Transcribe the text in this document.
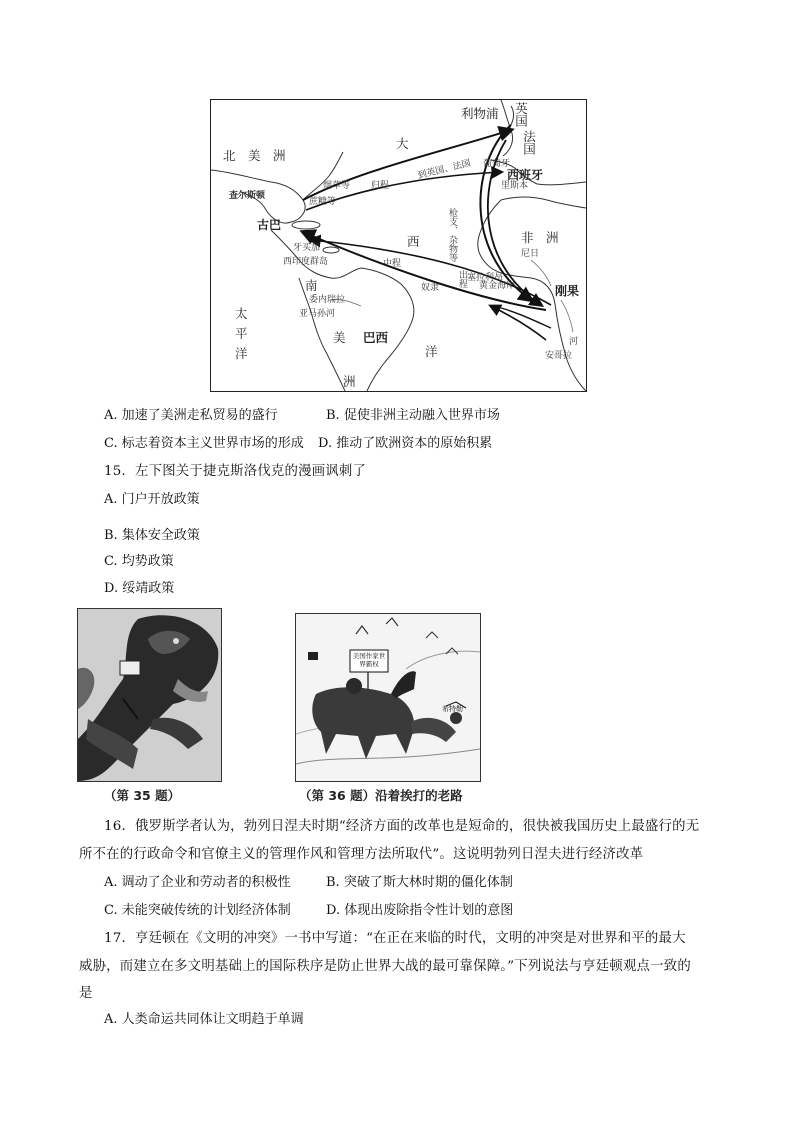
北　美　洲
大
西
洋
太
平
洋
查尔斯顿
古巴
牙买加
西印度群岛
南
美 巴西
洲
委内瑞拉
亚马孙河
利物浦 英国
法国
葡萄牙
西班牙
里斯本
到英国、法国
烟草等 归程
蔗糖等
枪支、杂物等
出程
中程
奴隶
非　洲
尼日
塞拉利昂
黄金海岸	刚果
河
安哥拉
A. 加速了美洲走私贸易的盛行	B. 促使非洲主动融入世界市场
C. 标志着资本主义世界市场的形成 D. 推动了欧洲资本的原始积累
15．左下图关于捷克斯洛伐克的漫画讽刺了
A. 门户开放政策
B. 集体安全政策
C. 均势政策
D. 绥靖政策
（第 35 题）
美国作家世界霸权
希特勒
（第 36 题）沿着挨打的老路
16．俄罗斯学者认为，勃列日涅夫时期“经济方面的改革也是短命的，很快被我国历史上最盛行的无
所不在的行政命令和官僚主义的管理作风和管理方法所取代”。这说明勃列日涅夫进行经济改革
A. 调动了企业和劳动者的积极性	B. 突破了斯大林时期的僵化体制
C. 未能突破传统的计划经济体制	D. 体现出废除指令性计划的意图
17．亨廷顿在《文明的冲突》一书中写道：“在正在来临的时代，文明的冲突是对世界和平的最大
威胁，而建立在多文明基础上的国际秩序是防止世界大战的最可靠保障。”下列说法与亨廷顿观点一致的
是
A. 人类命运共同体让文明趋于单调
